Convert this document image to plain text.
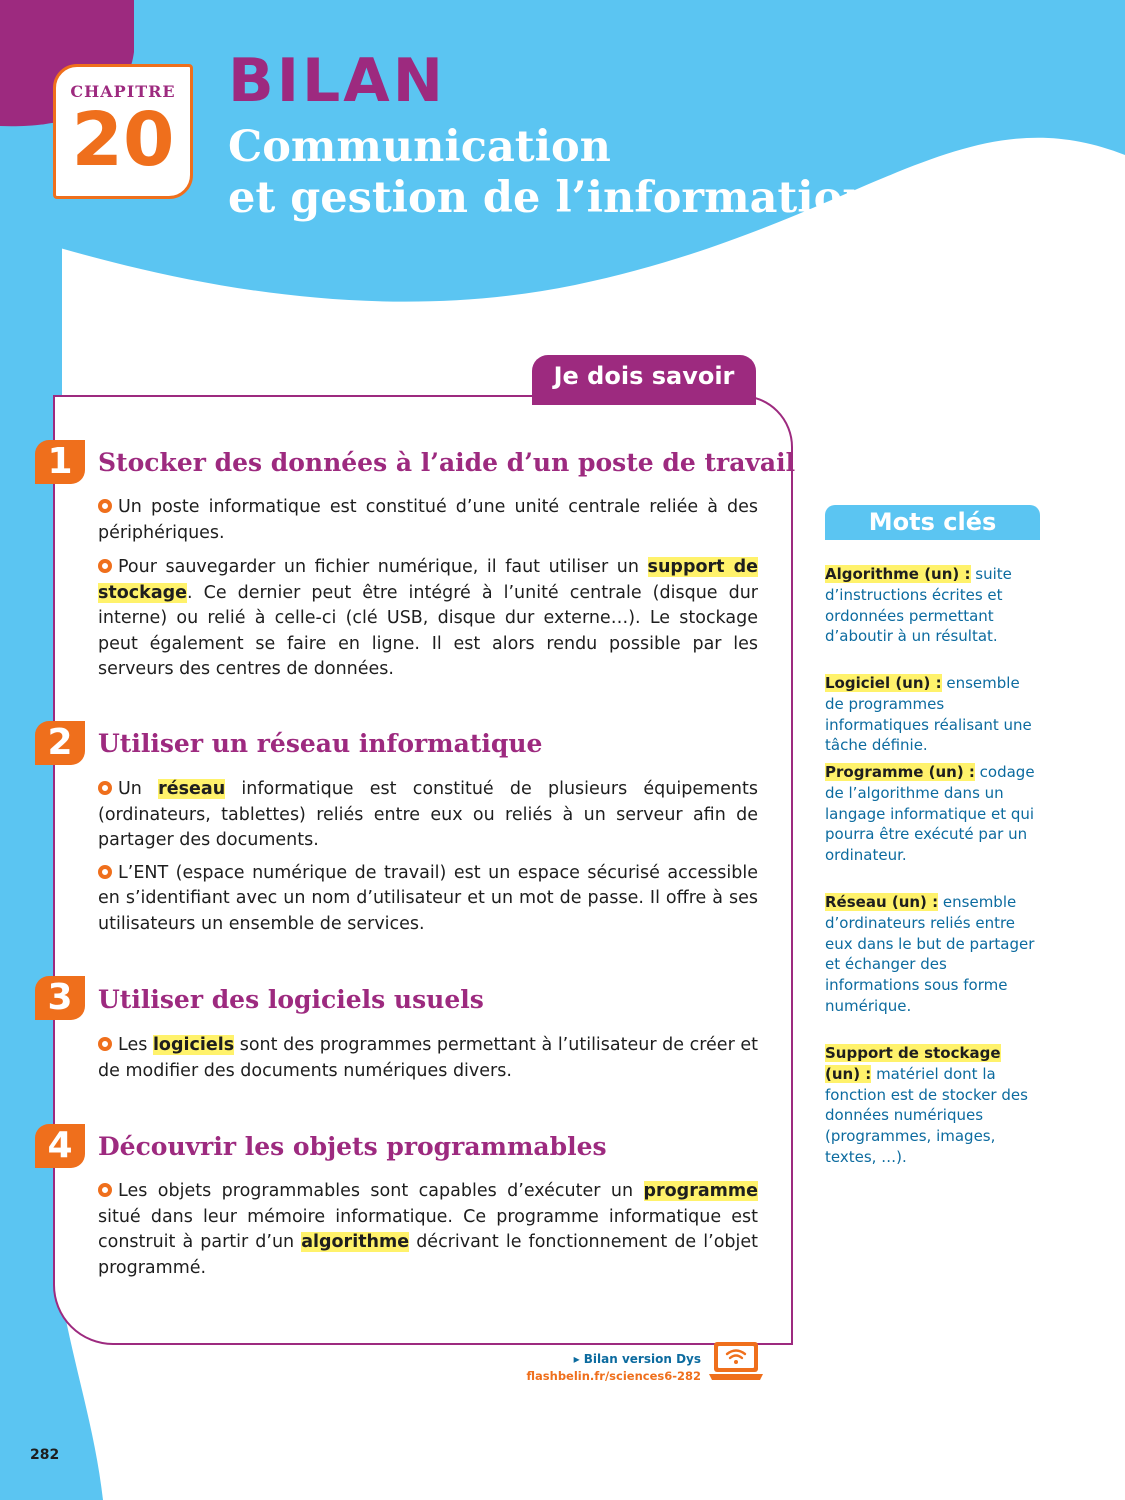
CHAPITRE
20
BILAN
Communication
et gestion de l’information
Je dois savoir
1	Stocker des données à l’aide d’un poste de travail

Un poste informatique est constitué d’une unité centrale reliée à des périphériques.

Pour sauvegarder un fichier numérique, il faut utiliser un support de stockage. Ce dernier peut être intégré à l’unité centrale (disque dur interne) ou relié à celle-ci (clé USB, disque dur externe…). Le stockage peut également se faire en ligne. Il est alors rendu possible par les serveurs des centres de données.

2	Utiliser un réseau informatique

Un réseau informatique est constitué de plusieurs équipements (ordinateurs, tablettes) reliés entre eux ou reliés à un serveur afin de partager des documents.

L’ENT (espace numérique de travail) est un espace sécurisé accessible en s’identifiant avec un nom d’utilisateur et un mot de passe. Il offre à ses utilisateurs un ensemble de services.

3	Utiliser des logiciels usuels

Les logiciels sont des programmes permettant à l’utilisateur de créer et de modifier des documents numériques divers.

4	Découvrir les objets programmables

Les objets programmables sont capables d’exécuter un programme situé dans leur mémoire informatique. Ce programme informatique est construit à partir d’un algorithme décrivant le fonctionnement de l’objet programmé.

Mots clés
Algorithme (un) : suite d’instructions écrites et ordonnées permettant d’aboutir à un résultat.
Logiciel (un) : ensemble de programmes informatiques réalisant une tâche définie.
Programme (un) : codage de l’algorithme dans un langage informatique et qui pourra être exécuté par un ordinateur.
Réseau (un) : ensemble d’ordinateurs reliés entre eux dans le but de partager et échanger des informations sous forme numérique.
Support de stockage (un) : matériel dont la fonction est de stocker des données numériques (programmes, images, textes, …).
▸ Bilan version Dys
flashbelin.fr/sciences6-282
282
